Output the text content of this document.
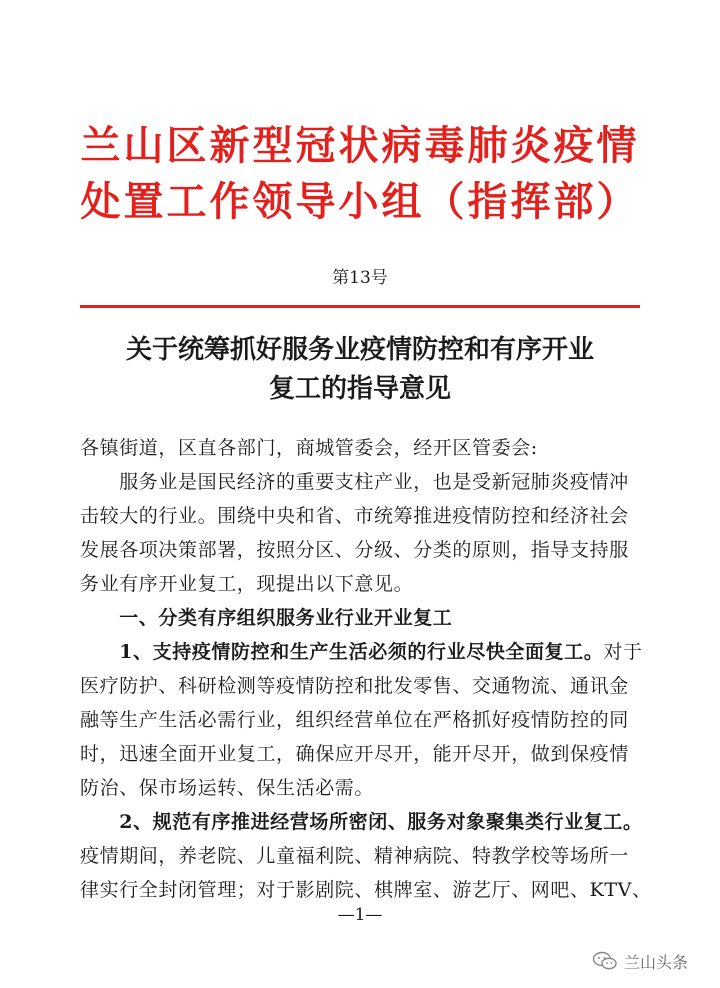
兰山区新型冠状病毒肺炎疫情
处置工作领导小组（指挥部）
第13号
关于统筹抓好服务业疫情防控和有序开业
复工的指导意见
各镇街道，区直各部门，商城管委会，经开区管委会:
　　服务业是国民经济的重要支柱产业，也是受新冠肺炎疫情冲
击较大的行业。围绕中央和省、市统筹推进疫情防控和经济社会
发展各项决策部署，按照分区、分级、分类的原则，指导支持服
务业有序开业复工，现提出以下意见。
　　一、分类有序组织服务业行业开业复工
　　1、支持疫情防控和生产生活必须的行业尽快全面复工。对于
医疗防护、科研检测等疫情防控和批发零售、交通物流、通讯金
融等生产生活必需行业，组织经营单位在严格抓好疫情防控的同
时，迅速全面开业复工，确保应开尽开，能开尽开，做到保疫情
防治、保市场运转、保生活必需。
　　2、规范有序推进经营场所密闭、服务对象聚集类行业复工。
疫情期间，养老院、儿童福利院、精神病院、特教学校等场所一
律实行全封闭管理；对于影剧院、棋牌室、游艺厅、网吧、KTV、
—1—
兰山头条
